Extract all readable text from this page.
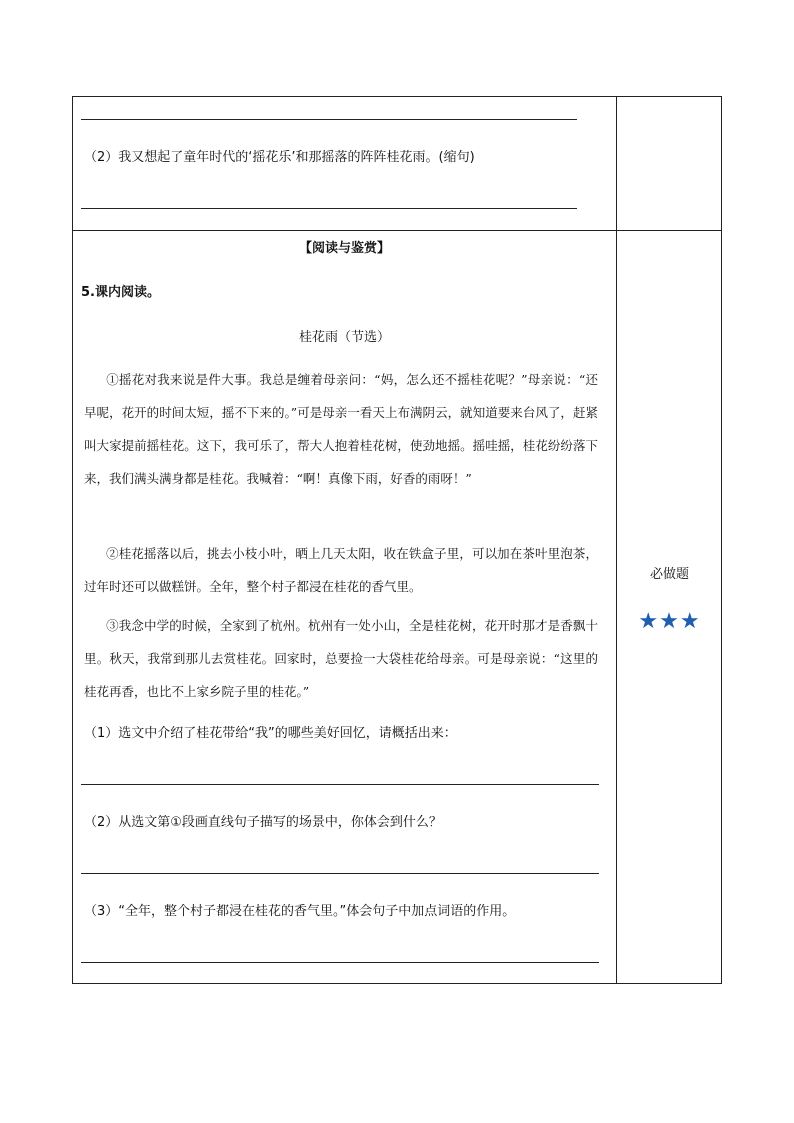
（2）我又想起了童年时代的‘摇花乐’和那摇落的阵阵桂花雨。(缩句)
【阅读与鉴赏】
5.课内阅读。
桂花雨（节选）
①摇花对我来说是件大事。我总是缠着母亲问：“妈，怎么还不摇桂花呢？”母亲说：“还早呢，花开的时间太短，摇不下来的。”可是母亲一看天上布满阴云，就知道要来台风了，赶紧叫大家提前摇桂花。这下，我可乐了，帮大人抱着桂花树，使劲地摇。摇哇摇，桂花纷纷落下来，我们满头满身都是桂花。我喊着：“啊！真像下雨，好香的雨呀！”
②桂花摇落以后，挑去小枝小叶，晒上几天太阳，收在铁盒子里，可以加在茶叶里泡茶，过年时还可以做糕饼。全年，整个村子都浸在桂花的香气里。
③我念中学的时候，全家到了杭州。杭州有一处小山，全是桂花树，花开时那才是香飘十里。秋天，我常到那儿去赏桂花。回家时，总要捡一大袋桂花给母亲。可是母亲说：“这里的桂花再香，也比不上家乡院子里的桂花。”
（1）选文中介绍了桂花带给“我”的哪些美好回忆，请概括出来：
（2）从选文第①段画直线句子描写的场景中，你体会到什么？
（3）“全年，整个村子都浸在桂花的香气里。”体会句子中加点词语的作用。
必做题
★★★
